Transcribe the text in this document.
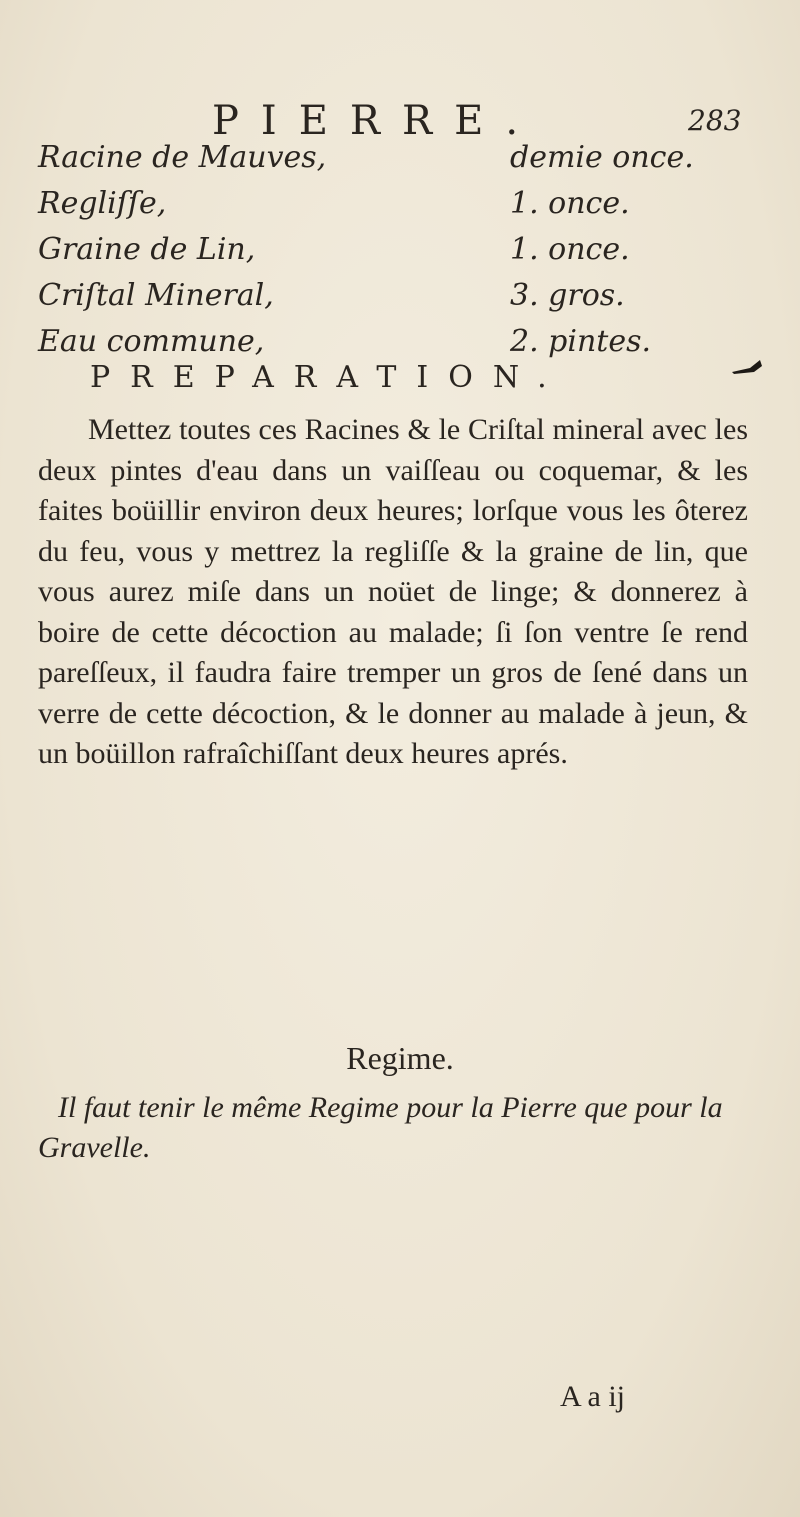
PIERRE.	283
Racine de Mauves,	demie once.
Regliſſe,	1. once.
Graine de Lin,	1. once.
Criſtal Mineral,	3. gros.
Eau commune,	2. pintes.
PREPARATION.

Mettez toutes ces Racines & le Criſtal mineral avec les deux pintes d'eau dans un vaiſſeau ou coquemar, & les faites boüillir environ deux heures; lorſque vous les ôterez du feu, vous y mettrez la regliſſe & la graine de lin, que vous aurez miſe dans un noüet de linge; & donnerez à boire de cette décoction au malade; ſi ſon ventre ſe rend pareſſeux, il faudra faire tremper un gros de ſené dans un verre de cette décoction, & le donner au malade à jeun, & un boüillon rafraîchiſſant deux heures aprés.

Regime.

Il faut tenir le même Regime pour la Pierre que pour la Gravelle.

A a ij
